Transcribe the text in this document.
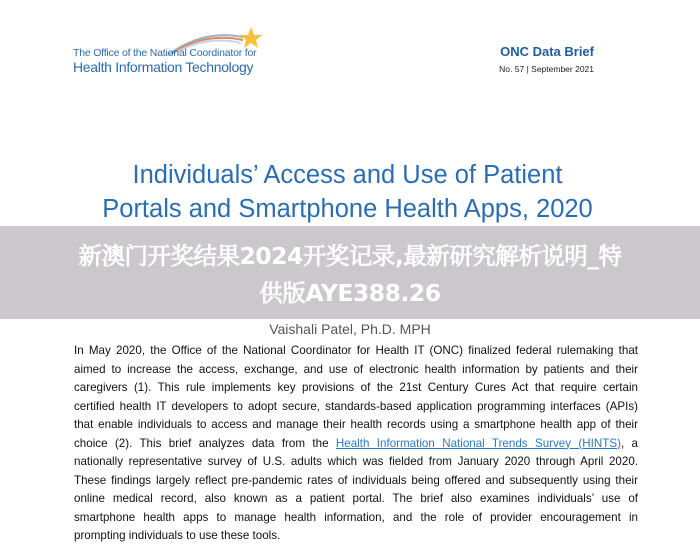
The Office of the National Coordinator for
Health Information Technology
ONC Data Brief
No. 57 | September 2021
Individuals’ Access and Use of Patient
Portals and Smartphone Health Apps, 2020
新澳门开奖结果2024开奖记录,最新研究解析说明_特
供版AYE388.26
Vaishali Patel, Ph.D. MPH
In May 2020, the Office of the National Coordinator for Health IT (ONC) finalized federal rulemaking that
aimed to increase the access, exchange, and use of electronic health information by patients and their
caregivers (1). This rule implements key provisions of the 21st Century Cures Act that require certain
certified health IT developers to adopt secure, standards-based application programming interfaces (APIs)
that enable individuals to access and manage their health records using a smartphone health app of their
choice (2). This brief analyzes data from the Health Information National Trends Survey (HINTS), a
nationally representative survey of U.S. adults which was fielded from January 2020 through April 2020.
These findings largely reflect pre-pandemic rates of individuals being offered and subsequently using their
online medical record, also known as a patient portal. The brief also examines individuals’ use of
smartphone health apps to manage health information, and the role of provider encouragement in
prompting individuals to use these tools.
